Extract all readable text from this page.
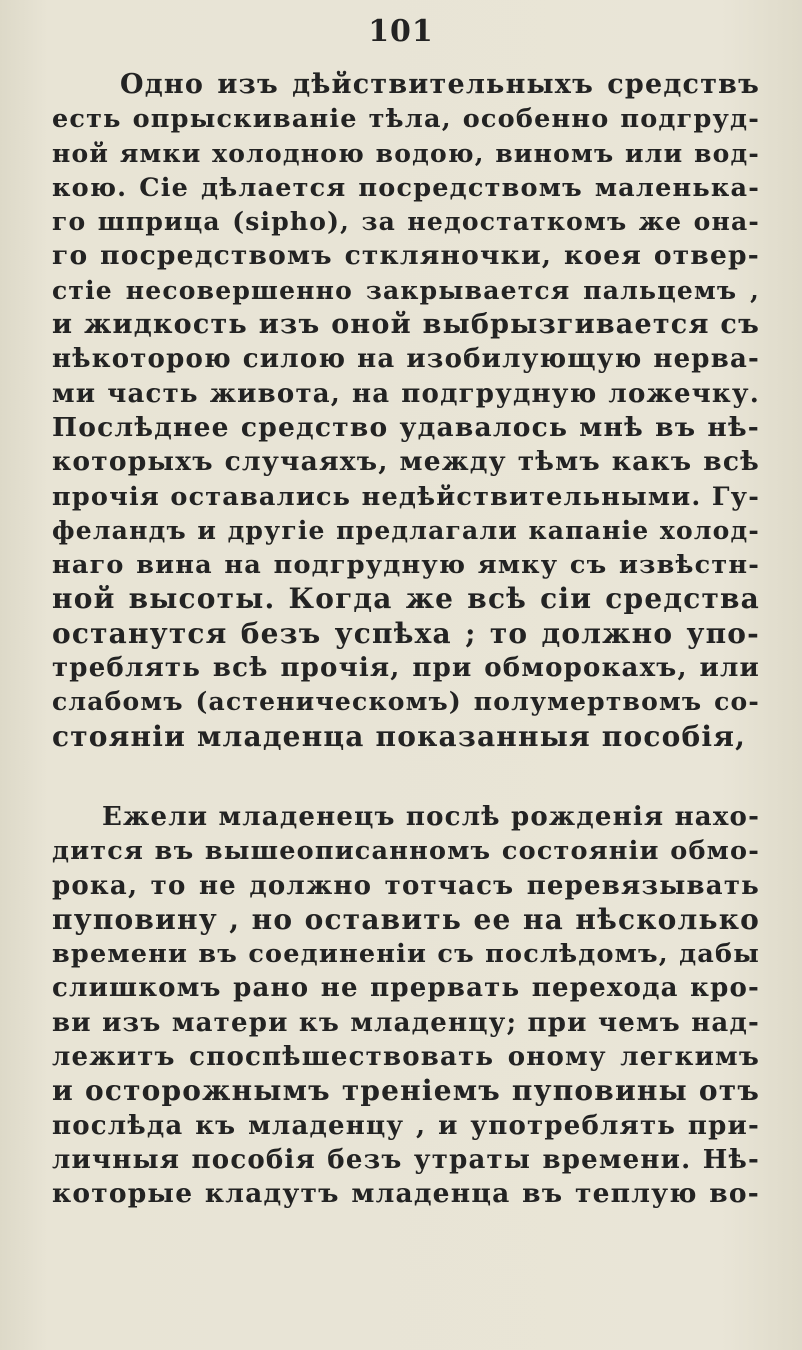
101

Одно изъ дѣйствительныхъ средствъ
есть опрыскиваніе тѣла, особенно подгруд-
ной ямки холодною водою, виномъ или вод-
кою. Сіе дѣлается посредствомъ маленька-
го шприца (sipho), за недостаткомъ же она-
го посредствомъ стклянoчки, коея отвер-
стіе несовершенно закрывается пальцемъ ,
и жидкость изъ оной выбрызгивается съ
нѣкоторою силою на изобилующую нерва-
ми часть живота, на подгрудную ложечку.
Послѣднее средство удавалось мнѣ въ нѣ-
которыхъ случаяхъ, между тѣмъ какъ всѣ
прочія оставались недѣйствительными. Гу-
феландъ и другіе предлагали капаніе холод-
наго вина на подгрудную ямку съ извѣстн-
ной высоты. Когда же всѣ сіи средства
останутся безъ успѣха ; то должно упо-
треблять всѣ прочія, при обморокахъ, или
слабомъ (астеническомъ) полумертвомъ со-
стояніи младенца показанныя пособія,

Ежели младенецъ послѣ рожденія нахо-
дится въ вышеописанномъ состояніи обмо-
рока, то не должно тотчасъ перевязывать
пуповину , но оставить ее на нѣсколько
времени въ соединеніи съ послѣдомъ, дабы
слишкомъ рано не прервать перехода кро-
ви изъ матери къ младенцу; при чемъ над-
лежитъ споспѣшествовать оному легкимъ
и осторожнымъ треніемъ пуповины отъ
послѣда къ младенцу , и употреблять при-
личныя пособія безъ утраты времени. Нѣ-
которые кладутъ младенца въ теплую во-
